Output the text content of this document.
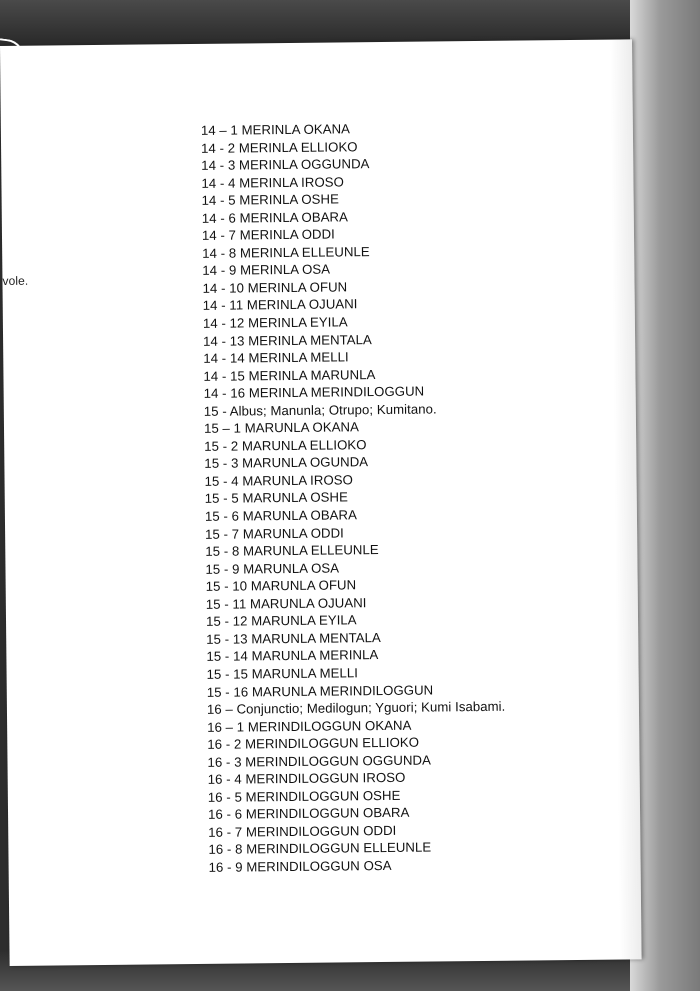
vole.
14 – 1 MERINLA OKANA
14 - 2 MERINLA ELLIOKO
14 - 3 MERINLA OGGUNDA
14 - 4 MERINLA IROSO
14 - 5 MERINLA OSHE
14 - 6 MERINLA OBARA
14 - 7 MERINLA ODDI
14 - 8 MERINLA ELLEUNLE
14 - 9 MERINLA OSA
14 - 10 MERINLA OFUN
14 - 11 MERINLA OJUANI
14 - 12 MERINLA EYILA
14 - 13 MERINLA MENTALA
14 - 14 MERINLA MELLI
14 - 15 MERINLA MARUNLA
14 - 16 MERINLA MERINDILOGGUN
15 - Albus; Manunla; Otrupo; Kumitano.
15 – 1 MARUNLA OKANA
15 - 2 MARUNLA ELLIOKO
15 - 3 MARUNLA OGUNDA
15 - 4 MARUNLA IROSO
15 - 5 MARUNLA OSHE
15 - 6 MARUNLA OBARA
15 - 7 MARUNLA ODDI
15 - 8 MARUNLA ELLEUNLE
15 - 9 MARUNLA OSA
15 - 10 MARUNLA OFUN
15 - 11 MARUNLA OJUANI
15 - 12 MARUNLA EYILA
15 - 13 MARUNLA MENTALA
15 - 14 MARUNLA MERINLA
15 - 15 MARUNLA MELLI
15 - 16 MARUNLA MERINDILOGGUN
16 – Conjunctio; Medilogun; Yguori; Kumi Isabami.
16 – 1 MERINDILOGGUN OKANA
16 - 2 MERINDILOGGUN ELLIOKO
16 - 3 MERINDILOGGUN OGGUNDA
16 - 4 MERINDILOGGUN IROSO
16 - 5 MERINDILOGGUN OSHE
16 - 6 MERINDILOGGUN OBARA
16 - 7 MERINDILOGGUN ODDI
16 - 8 MERINDILOGGUN ELLEUNLE
16 - 9 MERINDILOGGUN OSA
